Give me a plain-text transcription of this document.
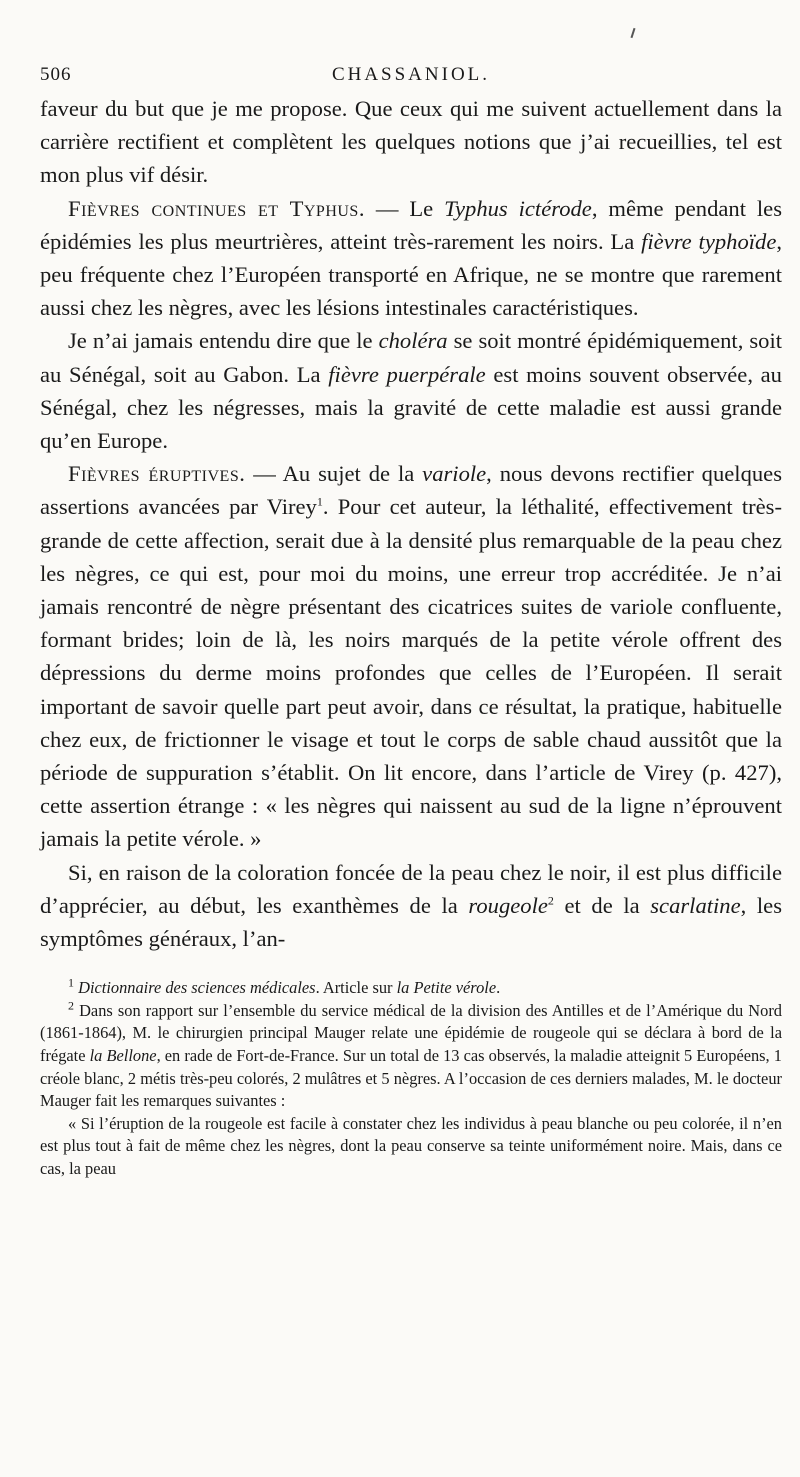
506	CHASSANIOL.

faveur du but que je me propose. Que ceux qui me suivent actuellement dans la carrière rectifient et complètent les quelques notions que j’ai recueillies, tel est mon plus vif désir.

Fièvres continues et Typhus. — Le Typhus ictérode, même pendant les épidémies les plus meurtrières, atteint très-rarement les noirs. La fièvre typhoïde, peu fréquente chez l’Européen transporté en Afrique, ne se montre que rarement aussi chez les nègres, avec les lésions intestinales caractéristiques.

Je n’ai jamais entendu dire que le choléra se soit montré épidémiquement, soit au Sénégal, soit au Gabon. La fièvre puerpérale est moins souvent observée, au Sénégal, chez les négresses, mais la gravité de cette maladie est aussi grande qu’en Europe.

Fièvres éruptives. — Au sujet de la variole, nous devons rectifier quelques assertions avancées par Virey$^1$. Pour cet auteur, la léthalité, effectivement très-grande de cette affection, serait due à la densité plus remarquable de la peau chez les nègres, ce qui est, pour moi du moins, une erreur trop accréditée. Je n’ai jamais rencontré de nègre présentant des cicatrices suites de variole confluente, formant brides; loin de là, les noirs marqués de la petite vérole offrent des dépressions du derme moins profondes que celles de l’Européen. Il serait important de savoir quelle part peut avoir, dans ce résultat, la pratique, habituelle chez eux, de frictionner le visage et tout le corps de sable chaud aussitôt que la période de suppuration s’établit. On lit encore, dans l’article de Virey (p. 427), cette assertion étrange : « les nègres qui naissent au sud de la ligne n’éprouvent jamais la petite vérole. »

Si, en raison de la coloration foncée de la peau chez le noir, il est plus difficile d’apprécier, au début, les exanthèmes de la rougeole$^2$ et de la scarlatine, les symptômes généraux, l’an-

$^1$ Dictionnaire des sciences médicales. Article sur la Petite vérole.

$^2$ Dans son rapport sur l’ensemble du service médical de la division des Antilles et de l’Amérique du Nord (1861-1864), M. le chirurgien principal Mauger relate une épidémie de rougeole qui se déclara à bord de la frégate la Bellone, en rade de Fort-de-France. Sur un total de 13 cas observés, la maladie atteignit 5 Européens, 1 créole blanc, 2 métis très-peu colorés, 2 mulâtres et 5 nègres. A l’occasion de ces derniers malades, M. le docteur Mauger fait les remarques suivantes :

« Si l’éruption de la rougeole est facile à constater chez les individus à peau blanche ou peu colorée, il n’en est plus tout à fait de même chez les nègres, dont la peau conserve sa teinte uniformément noire. Mais, dans ce cas, la peau
